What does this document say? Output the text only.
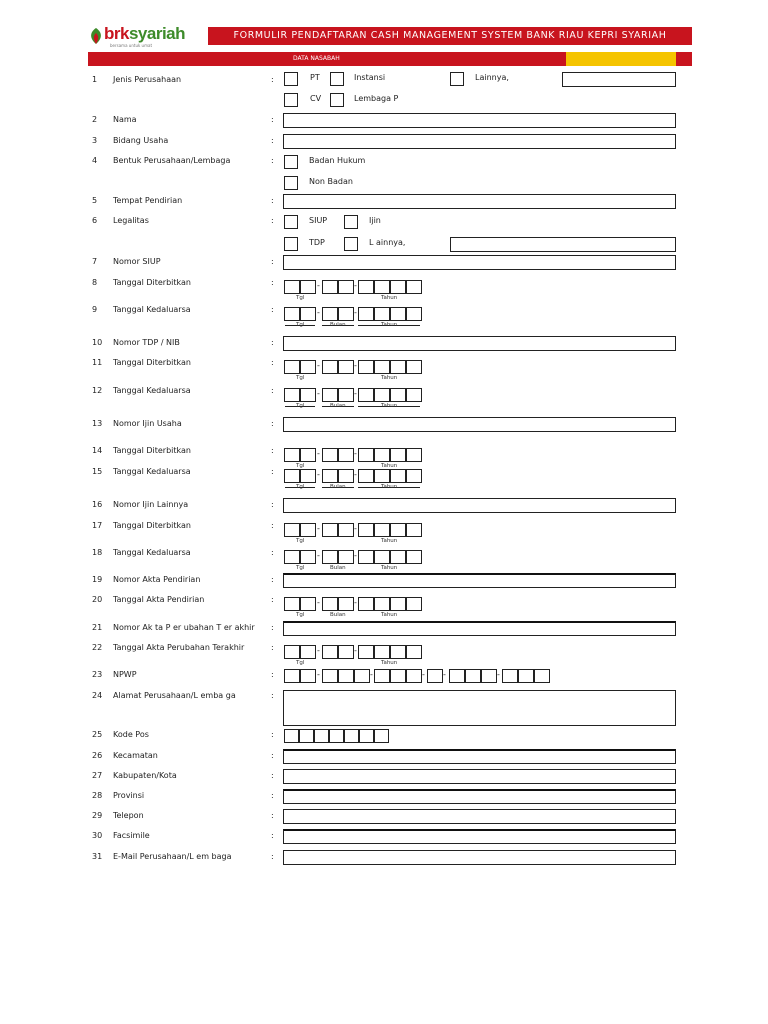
brksyariah
bersama untuk umat
FORMULIR PENDAFTARAN CASH MANAGEMENT SYSTEM BANK RIAU KEPRI SYARIAH
DATA NASABAH
1	Jenis Perusahaan	:	PT	Instansi	Lainnya,
CV	Lembaga P
2	Nama	:
3	Bidang Usaha	:
4	Bentuk Perusahaan/Lembaga	:	Badan Hukum
Non Badan
5	Tempat Pendirian	:
6	Legalitas	:	SIUP	Ijin
TDP	L ainnya,
7	Nomor SIUP	:
8	Tanggal Diterbitkan	:	-	-
Tgl	Tahun
9	Tanggal Kedaluarsa	:	-	-
Tgl	Bulan	Tahun
10 Nomor TDP / NIB	:
11 Tanggal Diterbitkan	:	-	-
Tgl	Tahun
12 Tanggal Kedaluarsa	:	-	-
Tgl	Bulan	Tahun
13 Nomor Ijin Usaha	:
14 Tanggal Diterbitkan	:	-	-
Tgl	Tahun
15 Tanggal Kedaluarsa	:	-	-
Tgl	Bulan	Tahun
16 Nomor Ijin Lainnya	:
17 Tanggal Diterbitkan	:	-	-
Tgl	Tahun
18 Tanggal Kedaluarsa	:	-	-
Tgl	Bulan	Tahun
19 Nomor Akta Pendirian	:
20 Tanggal Akta Pendirian	:	-	-
Tgl	Bulan	Tahun
21 Nomor Ak ta P er ubahan T er akhir :
22 Tanggal Akta Perubahan Terakhir	:	-	-
Tgl	Tahun
23 NPWP	:	-	-	- -	-
24 Alamat Perusahaan/L emba ga	:
25 Kode Pos	:
26 Kecamatan	:
27 Kabupaten/Kota	:
28 Provinsi	:
29 Telepon	:
30 Facsimile	:
31 E-Mail Perusahaan/L em baga	:
